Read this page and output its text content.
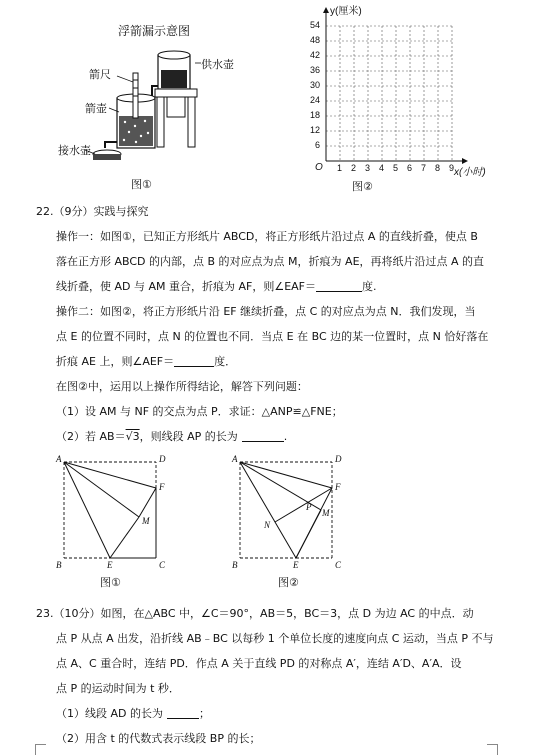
浮箭漏示意图
箭尺
供水壶
箭壶
接水壶
图①
y(厘米)
x(小时)
O
54
48
42
36
30
24
18
12
6
1 2 3 4 5 6 7 8 9
图②
22.（9分）实践与探究
操作一：如图①，已知正方形纸片 ABCD，将正方形纸片沿过点 A 的直线折叠，使点 B
落在正方形 ABCD 的内部，点 B 的对应点为点 M，折痕为 AE，再将纸片沿过点 A 的直
线折叠，使 AD 与 AM 重合，折痕为 AF，则∠EAF＝	度.
操作二：如图②，将正方形纸片沿 EF 继续折叠，点 C 的对应点为点 N．我们发现，当
点 E 的位置不同时，点 N 的位置也不同．当点 E 在 BC 边的某一位置时，点 N 恰好落在
折痕 AE 上，则∠AEF＝	度．
在图②中，运用以上操作所得结论，解答下列问题：
（1）设 AM 与 NF 的交点为点 P．求证：△ANP≌△FNE；
（2）若 AB＝√3，则线段 AP 的长为	.
A	D
F
M
B	E	C
图①
A	D
F
P
M
N
B	E	C
图②
23.（10分）如图，在△ABC 中，∠C＝90°，AB＝5，BC＝3，点 D 为边 AC 的中点．动
点 P 从点 A 出发，沿折线 AB﹣BC 以每秒 1 个单位长度的速度向点 C 运动，当点 P 不与
点 A、C 重合时，连结 PD．作点 A 关于直线 PD 的对称点 A′，连结 A′D、A′A．设
点 P 的运动时间为 t 秒．
（1）线段 AD 的长为	；
（2）用含 t 的代数式表示线段 BP 的长；
